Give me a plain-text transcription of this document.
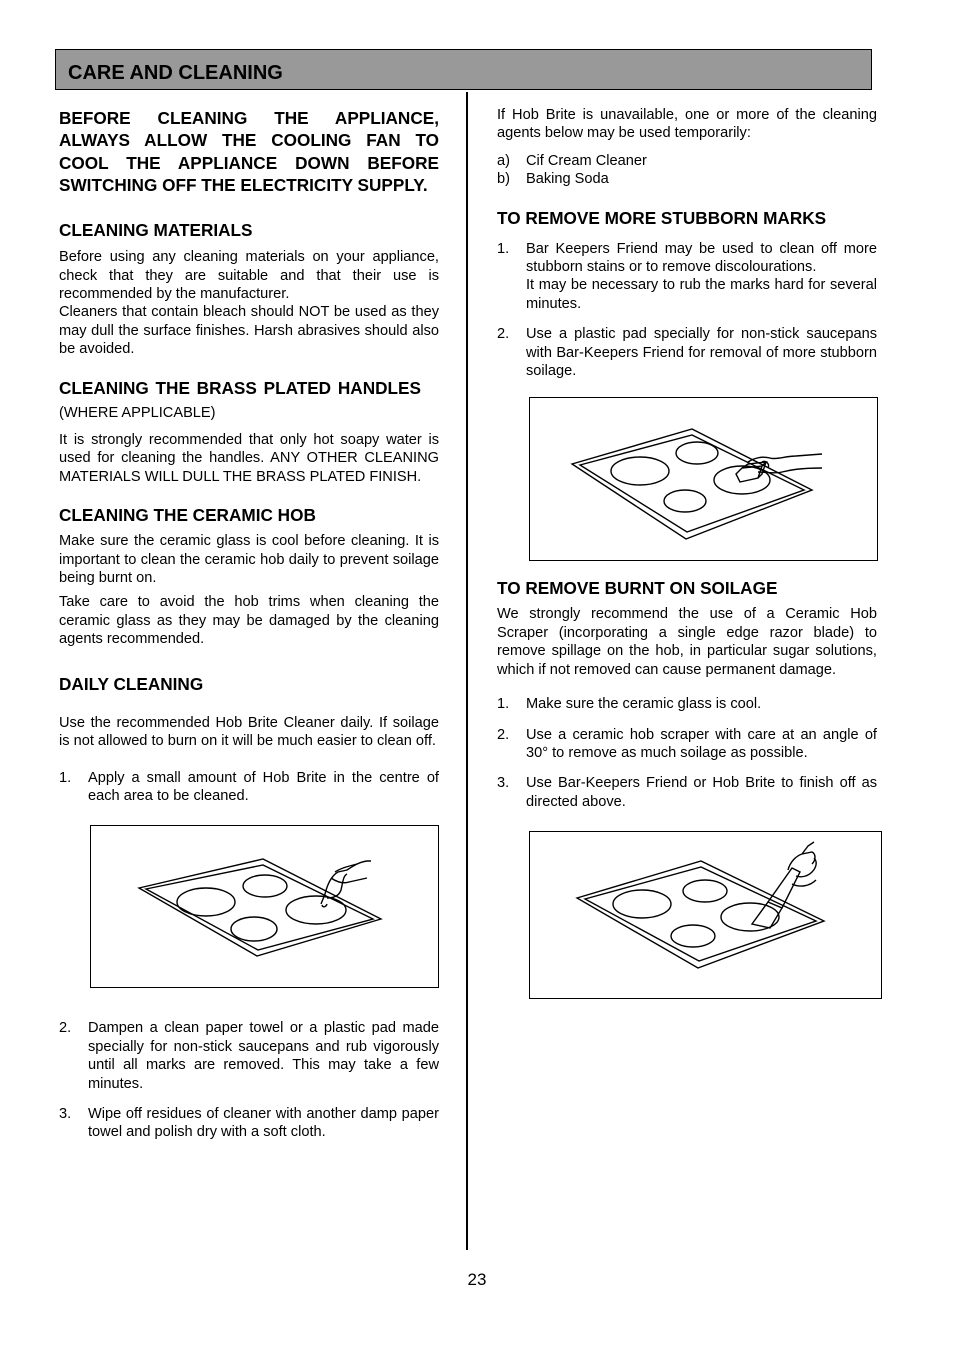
CARE AND CLEANING

BEFORE CLEANING THE APPLIANCE, ALWAYS ALLOW THE COOLING FAN TO COOL THE APPLIANCE DOWN BEFORE SWITCHING OFF THE ELECTRICITY SUPPLY.

CLEANING MATERIALS

Before using any cleaning materials on your appliance, check that they are suitable and that their use is recommended by the manufacturer.

Cleaners that contain bleach should NOT be used as they may dull the surface finishes. Harsh abrasives should also be avoided.

CLEANING THE BRASS PLATED HANDLES

(WHERE APPLICABLE)

It is strongly recommended that only hot soapy water is used for cleaning the handles. ANY OTHER CLEANING MATERIALS WILL DULL THE BRASS PLATED FINISH.

CLEANING THE CERAMIC HOB

Make sure the ceramic glass is cool before cleaning. It is important to clean the ceramic hob daily to prevent soilage being burnt on.

Take care to avoid the hob trims when cleaning the ceramic glass as they may be damaged by the cleaning agents recommended.

DAILY CLEANING

Use the recommended Hob Brite Cleaner daily. If soilage is not allowed to burn on it will be much easier to clean off.

1. Apply a small amount of Hob Brite in the centre of each area to be cleaned.
2. Dampen a clean paper towel or a plastic pad made specially for non-stick saucepans and rub vigorously until all marks are removed. This may take a few minutes.
3. Wipe off residues of cleaner with another damp paper towel and polish dry with a soft cloth.

If Hob Brite is unavailable, one or more of the cleaning agents below may be used temporarily:

a) Cif Cream Cleaner
b) Baking Soda
TO REMOVE MORE STUBBORN MARKS
1. Bar Keepers Friend may be used to clean off more stubborn stains or to remove discolourations.
It may be necessary to rub the marks hard for several minutes.
2. Use a plastic pad specially for non-stick saucepans with Bar-Keepers Friend for removal of more stubborn soilage.
TO REMOVE BURNT ON SOILAGE

We strongly recommend the use of a Ceramic Hob Scraper (incorporating a single edge razor blade) to remove spillage on the hob, in particular sugar solutions, which if not removed can cause permanent damage.

1. Make sure the ceramic glass is cool.
2. Use a ceramic hob scraper with care at an angle of 30° to remove as much soilage as possible.
3. Use Bar-Keepers Friend or Hob Brite to finish off as directed above.
23
